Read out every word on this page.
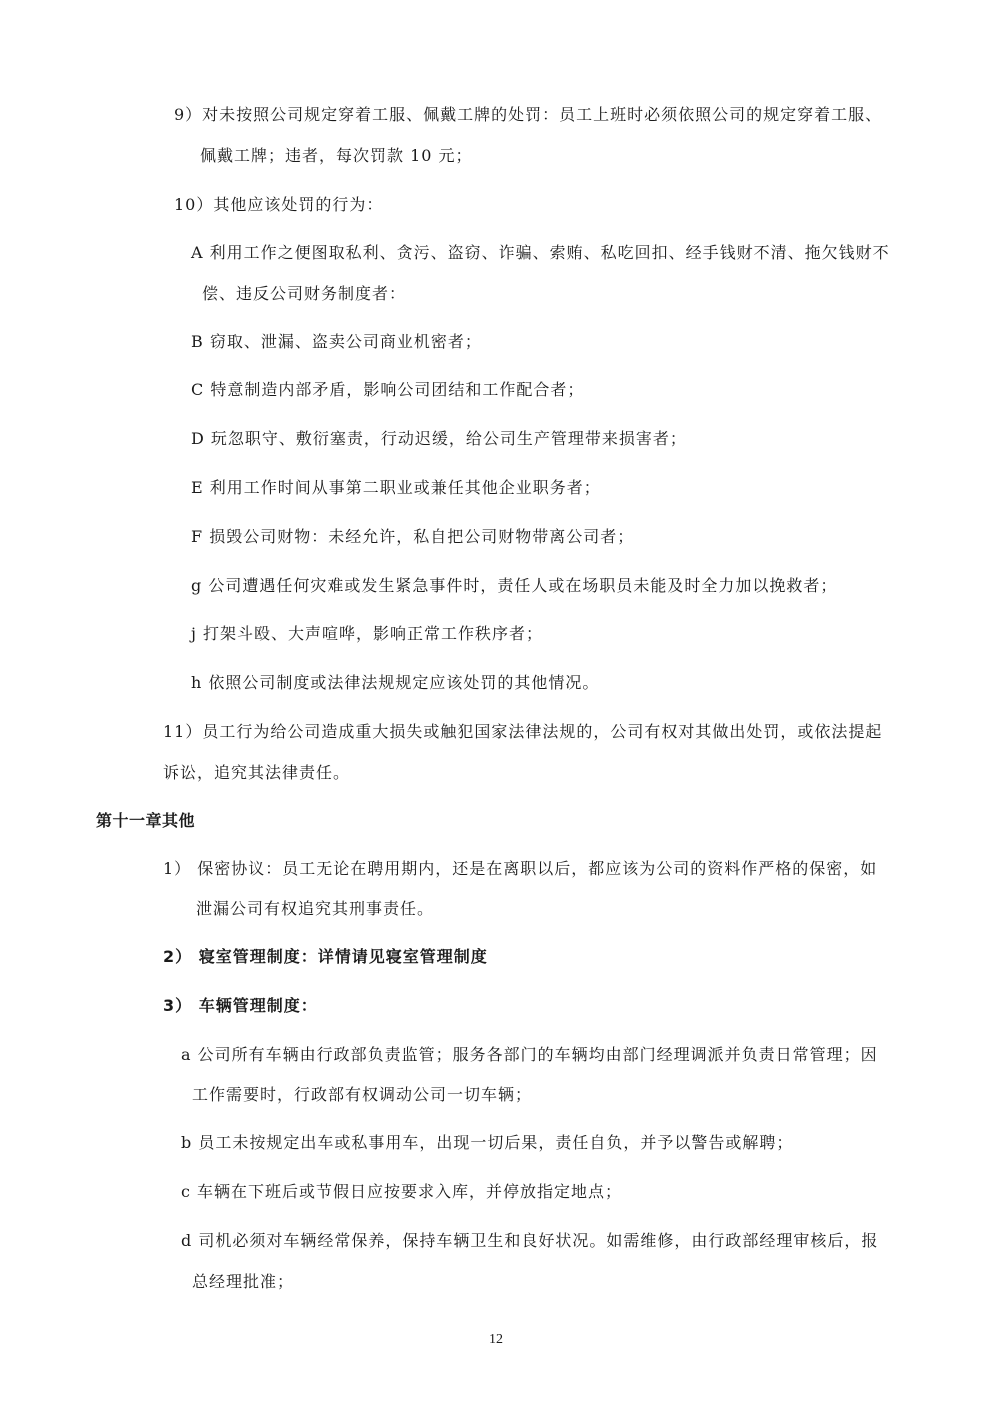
9）对未按照公司规定穿着工服、佩戴工牌的处罚：员工上班时必须依照公司的规定穿着工服、
佩戴工牌；违者，每次罚款 10 元；
10）其他应该处罚的行为：
A 利用工作之便图取私利、贪污、盗窃、诈骗、索贿、私吃回扣、经手钱财不清、拖欠钱财不
偿、违反公司财务制度者：
B 窃取、泄漏、盗卖公司商业机密者；
C 特意制造内部矛盾，影响公司团结和工作配合者；
D 玩忽职守、敷衍塞责，行动迟缓，给公司生产管理带来损害者；
E 利用工作时间从事第二职业或兼任其他企业职务者；
F 损毁公司财物：未经允许，私自把公司财物带离公司者；
g 公司遭遇任何灾难或发生紧急事件时，责任人或在场职员未能及时全力加以挽救者；
j 打架斗殴、大声喧哗，影响正常工作秩序者；
h 依照公司制度或法律法规规定应该处罚的其他情况。
11）员工行为给公司造成重大损失或触犯国家法律法规的，公司有权对其做出处罚，或依法提起
诉讼，追究其法律责任。
第十一章其他
1） 保密协议：员工无论在聘用期内，还是在离职以后，都应该为公司的资料作严格的保密，如
泄漏公司有权追究其刑事责任。
2） 寝室管理制度：详情请见寝室管理制度
3） 车辆管理制度：
a 公司所有车辆由行政部负责监管；服务各部门的车辆均由部门经理调派并负责日常管理；因
工作需要时，行政部有权调动公司一切车辆；
b 员工未按规定出车或私事用车，出现一切后果，责任自负，并予以警告或解聘；
c 车辆在下班后或节假日应按要求入库，并停放指定地点；
d 司机必须对车辆经常保养，保持车辆卫生和良好状况。如需维修，由行政部经理审核后，报
总经理批准；
12
